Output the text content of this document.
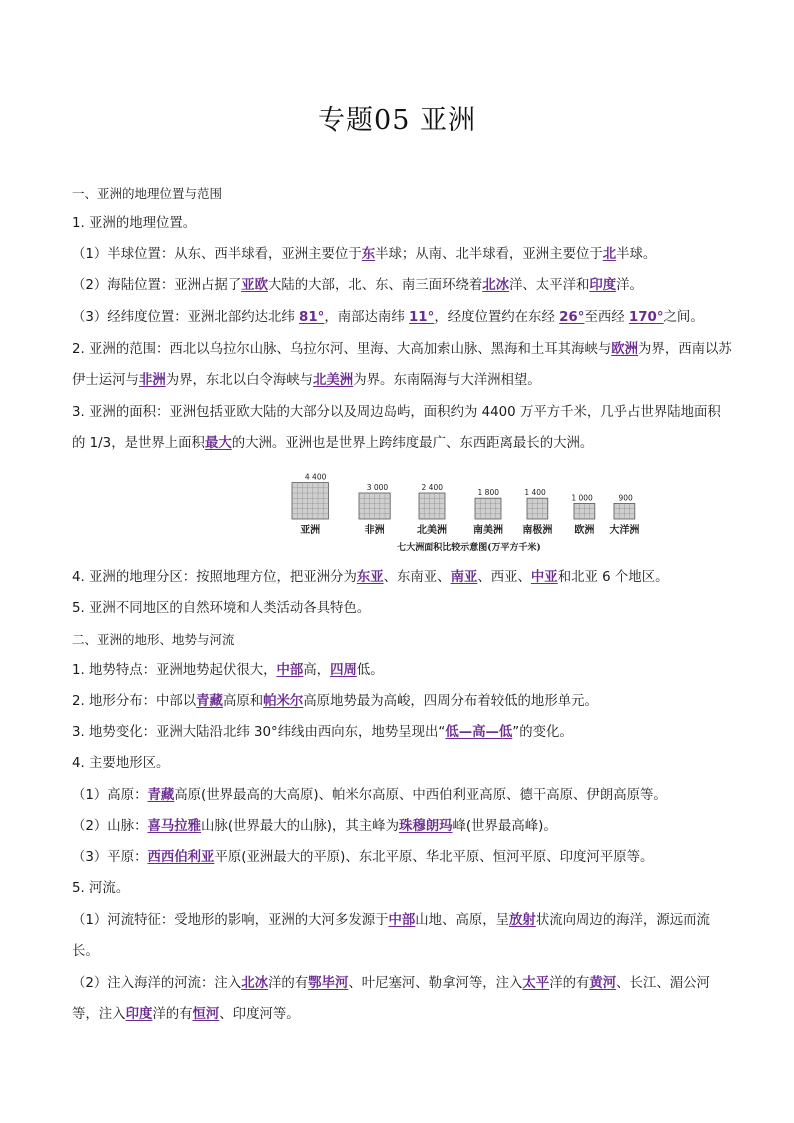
专题05 亚洲
一、亚洲的地理位置与范围
1. 亚洲的地理位置。
（1）半球位置：从东、西半球看，亚洲主要位于东半球；从南、北半球看，亚洲主要位于北半球。
（2）海陆位置：亚洲占据了亚欧大陆的大部，北、东、南三面环绕着北冰洋、太平洋和印度洋。
（3）经纬度位置：亚洲北部约达北纬 81°，南部达南纬 11°，经度位置约在东经 26°至西经 170°之间。
2. 亚洲的范围：西北以乌拉尔山脉、乌拉尔河、里海、大高加索山脉、黑海和土耳其海峡与欧洲为界，西南以苏伊士运河与非洲为界，东北以白令海峡与北美洲为界。东南隔海与大洋洲相望。
3. 亚洲的面积：亚洲包括亚欧大陆的大部分以及周边岛屿，面积约为 4400 万平方千米，几乎占世界陆地面积的 1/3，是世界上面积最大的大洲。亚洲也是世界上跨纬度最广、东西距离最长的大洲。
4. 亚洲的地理分区：按照地理方位，把亚洲分为东亚、东南亚、南亚、西亚、中亚和北亚 6 个地区。
5. 亚洲不同地区的自然环境和人类活动各具特色。
二、亚洲的地形、地势与河流
1. 地势特点：亚洲地势起伏很大，中部高，四周低。
2. 地形分布：中部以青藏高原和帕米尔高原地势最为高峻，四周分布着较低的地形单元。
3. 地势变化：亚洲大陆沿北纬 30°纬线由西向东，地势呈现出“低—高—低”的变化。
4. 主要地形区。
（1）高原：青藏高原(世界最高的大高原)、帕米尔高原、中西伯利亚高原、德干高原、伊朗高原等。
（2）山脉：喜马拉雅山脉(世界最大的山脉)，其主峰为珠穆朗玛峰(世界最高峰)。
（3）平原：西西伯利亚平原(亚洲最大的平原)、东北平原、华北平原、恒河平原、印度河平原等。
5. 河流。
（1）河流特征：受地形的影响，亚洲的大河多发源于中部山地、高原，呈放射状流向周边的海洋，源远而流长。
（2）注入海洋的河流：注入北冰洋的有鄂毕河、叶尼塞河、勒拿河等，注入太平洋的有黄河、长江、湄公河等，注入印度洋的有恒河、印度河等。
4 400
亚洲
3 000
非洲
2 400
北美洲
1 800
南美洲
1 400
南极洲
1 000
欧洲
900
大洋洲
七大洲面积比较示意图(万平方千米)
